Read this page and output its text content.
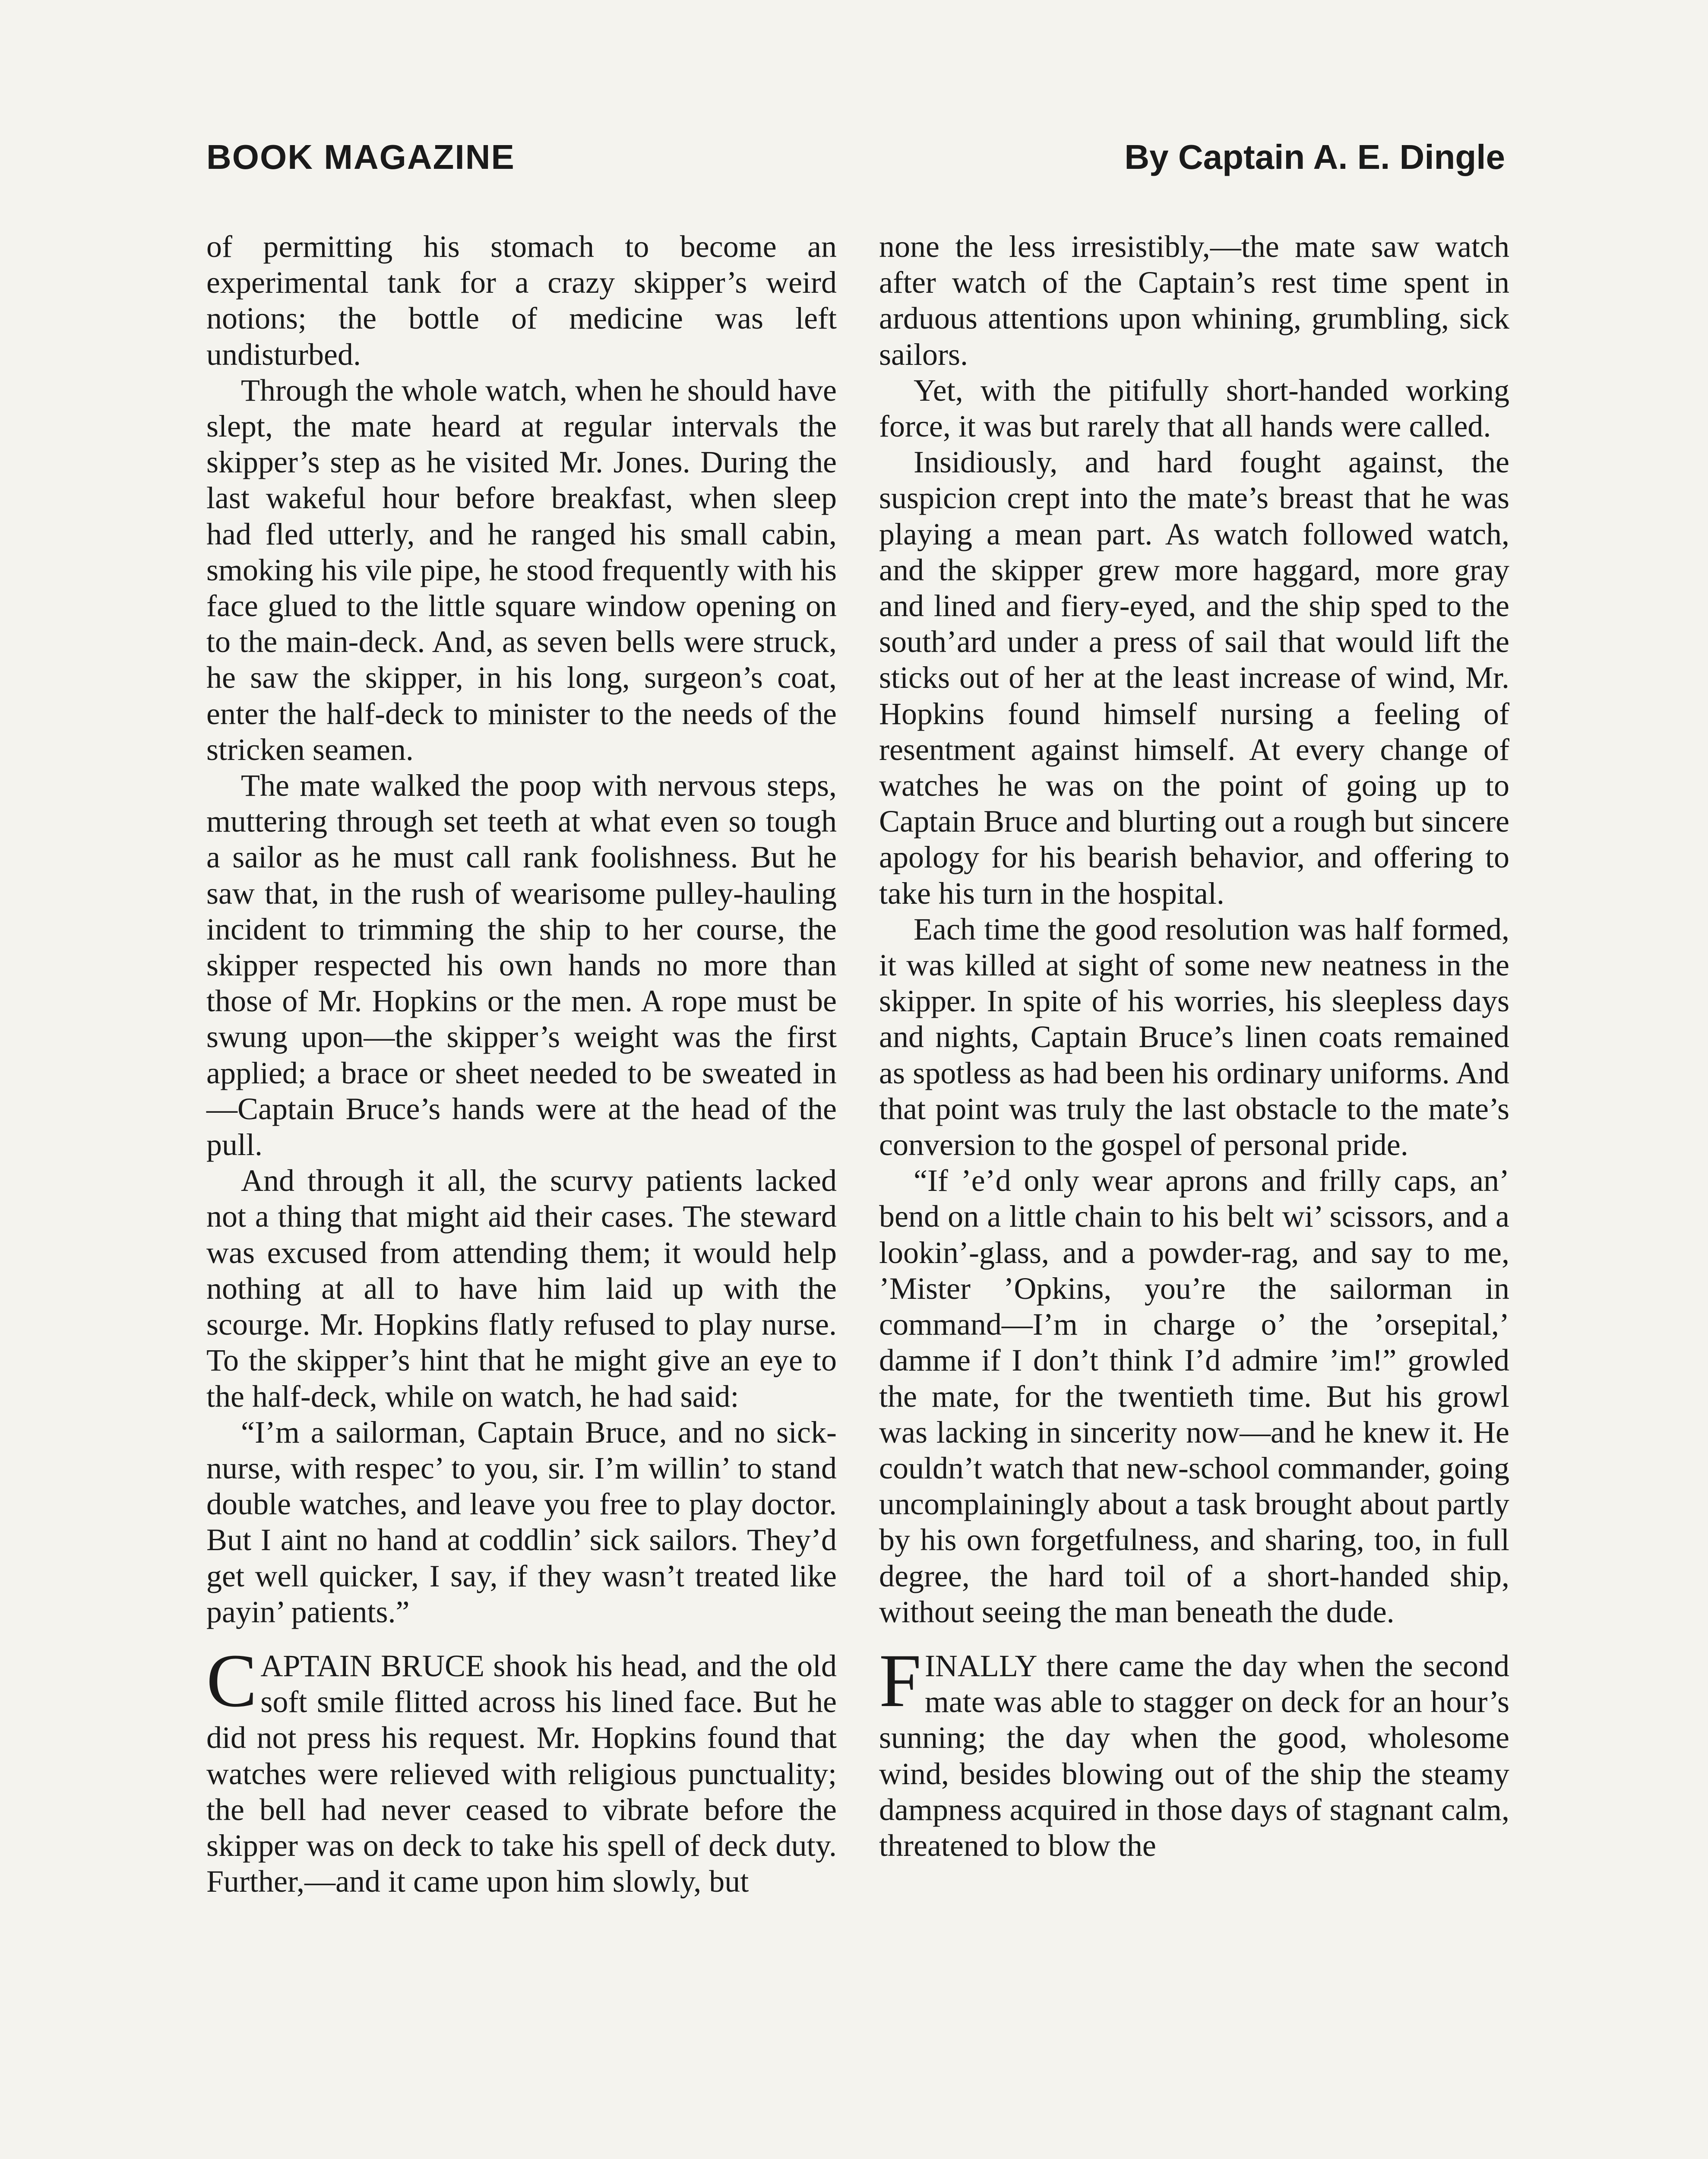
BOOK MAGAZINE	By Captain A. E. Dingle

of permitting his stomach to become an experimental tank for a crazy skipper’s weird notions; the bottle of medicine was left undisturbed.

Through the whole watch, when he should have slept, the mate heard at regular intervals the skipper’s step as he visited Mr. Jones. During the last wakeful hour before breakfast, when sleep had fled utterly, and he ranged his small cabin, smoking his vile pipe, he stood frequently with his face glued to the little square window opening on to the main-deck. And, as seven bells were struck, he saw the skipper, in his long, surgeon’s coat, enter the half-deck to minister to the needs of the stricken seamen.

The mate walked the poop with nervous steps, muttering through set teeth at what even so tough a sailor as he must call rank foolishness. But he saw that, in the rush of wearisome pulley-hauling incident to trimming the ship to her course, the skipper respected his own hands no more than those of Mr. Hopkins or the men. A rope must be swung upon—the skipper’s weight was the first applied; a brace or sheet needed to be sweated in—Captain Bruce’s hands were at the head of the pull.

And through it all, the scurvy patients lacked not a thing that might aid their cases. The steward was excused from attending them; it would help nothing at all to have him laid up with the scourge. Mr. Hopkins flatly refused to play nurse. To the skipper’s hint that he might give an eye to the half-deck, while on watch, he had said:

“I’m a sailorman, Captain Bruce, and no sick-nurse, with respec’ to you, sir. I’m willin’ to stand double watches, and leave you free to play doctor. But I aint no hand at coddlin’ sick sailors. They’d get well quicker, I say, if they wasn’t treated like payin’ patients.”

CAPTAIN BRUCE shook his head, and the old soft smile flitted across his lined face. But he did not press his request. Mr. Hopkins found that watches were relieved with religious punctuality; the bell had never ceased to vibrate before the skipper was on deck to take his spell of deck duty. Further,—and it came upon him slowly, but

none the less irresistibly,—the mate saw watch after watch of the Captain’s rest time spent in arduous attentions upon whining, grumbling, sick sailors.

Yet, with the pitifully short-handed working force, it was but rarely that all hands were called.

Insidiously, and hard fought against, the suspicion crept into the mate’s breast that he was playing a mean part. As watch followed watch, and the skipper grew more haggard, more gray and lined and fiery-eyed, and the ship sped to the south’ard under a press of sail that would lift the sticks out of her at the least increase of wind, Mr. Hopkins found himself nursing a feeling of resentment against himself. At every change of watches he was on the point of going up to Captain Bruce and blurting out a rough but sincere apology for his bearish behavior, and offering to take his turn in the hospital.

Each time the good resolution was half formed, it was killed at sight of some new neatness in the skipper. In spite of his worries, his sleepless days and nights, Captain Bruce’s linen coats remained as spotless as had been his ordinary uniforms. And that point was truly the last obstacle to the mate’s conversion to the gospel of personal pride.

“If ’e’d only wear aprons and frilly caps, an’ bend on a little chain to his belt wi’ scissors, and a lookin’-glass, and a powder-rag, and say to me, ’Mister ’Opkins, you’re the sailorman in command—I’m in charge o’ the ’orsepital,’ damme if I don’t think I’d admire ’im!” growled the mate, for the twentieth time. But his growl was lacking in sincerity now—and he knew it. He couldn’t watch that new-school commander, going uncomplainingly about a task brought about partly by his own forgetfulness, and sharing, too, in full degree, the hard toil of a short-handed ship, without seeing the man beneath the dude.

FINALLY there came the day when the second mate was able to stagger on deck for an hour’s sunning; the day when the good, wholesome wind, besides blowing out of the ship the steamy dampness acquired in those days of stagnant calm, threatened to blow the
